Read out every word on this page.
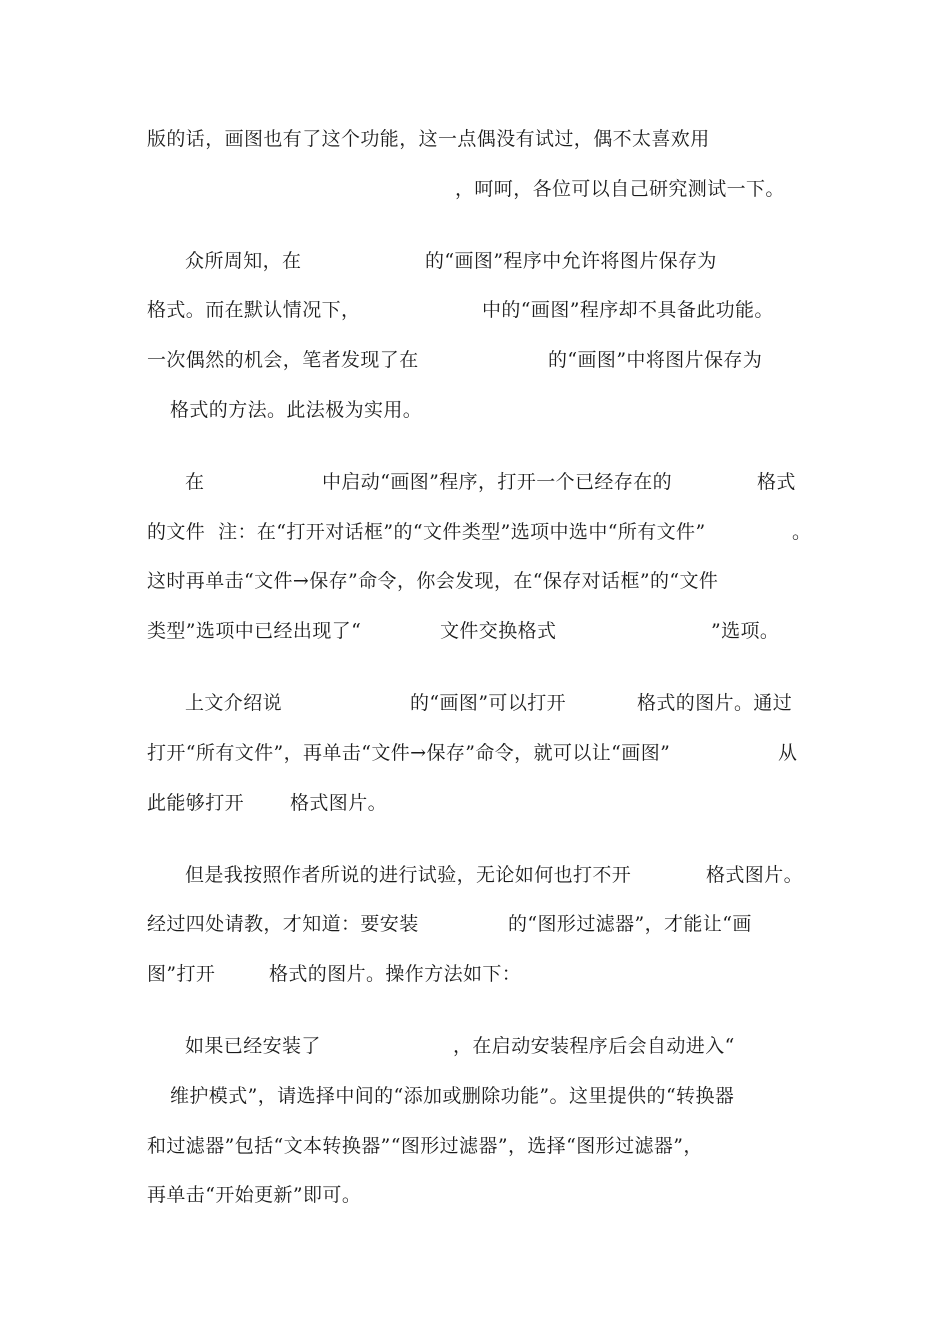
版的话，画图也有了这个功能，这一点偶没有试过，偶不太喜欢用
，呵呵，各位可以自己研究测试一下。
众所周知，在	的“画图”程序中允许将图片保存为
格式。而在默认情况下，	中的“画图”程序却不具备此功能。
一次偶然的机会，笔者发现了在	的“画图”中将图片保存为
格式的方法。此法极为实用。
在	中启动“画图”程序，打开一个已经存在的	格式
的文件  注：在“打开对话框”的“文件类型”选项中选中“所有文件”	。
这时再单击“文件→保存”命令，你会发现，在“保存对话框”的“文件
类型”选项中已经出现了“	文件交换格式	”选项。
上文介绍说	的“画图”可以打开	格式的图片。通过
打开“所有文件”，再单击“文件→保存”命令，就可以让“画图”	从
此能够打开 格式图片。
但是我按照作者所说的进行试验，无论如何也打不开	格式图片。
经过四处请教，才知道：要安装	的“图形过滤器”，才能让“画
图”打开	格式的图片。操作方法如下：
如果已经安装了	，在启动安装程序后会自动进入“
维护模式”，请选择中间的“添加或删除功能”。这里提供的“转换器
和过滤器”包括“文本转换器”“图形过滤器”，选择“图形过滤器”，
再单击“开始更新”即可。
